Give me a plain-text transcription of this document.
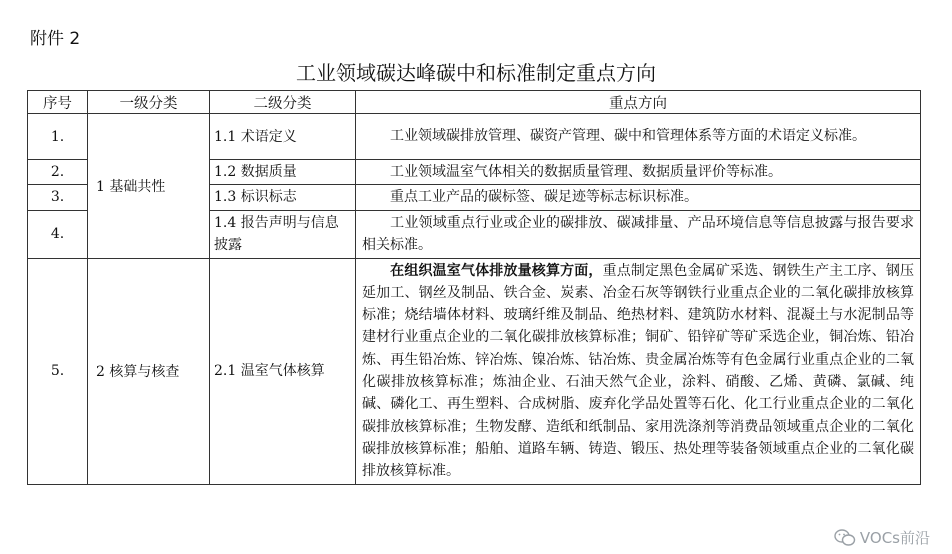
附件 2
工业领域碳达峰碳中和标准制定重点方向
序号	一级分类	二级分类	重点方向
1.	1 基础共性	1.1 术语定义	工业领域碳排放管理、碳资产管理、碳中和管理体系等方面的术语定义标准。
2.		1.2 数据质量	工业领域温室气体相关的数据质量管理、数据质量评价等标准。
3.		1.3 标识标志	重点工业产品的碳标签、碳足迹等标志标识标准。
4.		1.4 报告声明与信息披露	工业领域重点行业或企业的碳排放、碳减排量、产品环境信息等信息披露与报告要求相关标准。
5.	2 核算与核查	2.1 温室气体核算	在组织温室气体排放量核算方面，重点制定黑色金属矿采选、钢铁生产主工序、钢压延加工、钢丝及制品、铁合金、炭素、冶金石灰等钢铁行业重点企业的二氧化碳排放核算标准；烧结墙体材料、玻璃纤维及制品、绝热材料、建筑防水材料、混凝土与水泥制品等建材行业重点企业的二氧化碳排放核算标准；铜矿、铅锌矿等矿采选企业，铜冶炼、铅冶炼、再生铅冶炼、锌冶炼、镍冶炼、钴冶炼、贵金属冶炼等有色金属行业重点企业的二氧化碳排放核算标准；炼油企业、石油天然气企业，涂料、硝酸、乙烯、黄磷、氯碱、纯碱、磷化工、再生塑料、合成树脂、废弃化学品处置等石化、化工行业重点企业的二氧化碳排放核算标准；生物发酵、造纸和纸制品、家用洗涤剂等消费品领域重点企业的二氧化碳排放核算标准；船舶、道路车辆、铸造、锻压、热处理等装备领域重点企业的二氧化碳排放核算标准。
VOCs前沿
